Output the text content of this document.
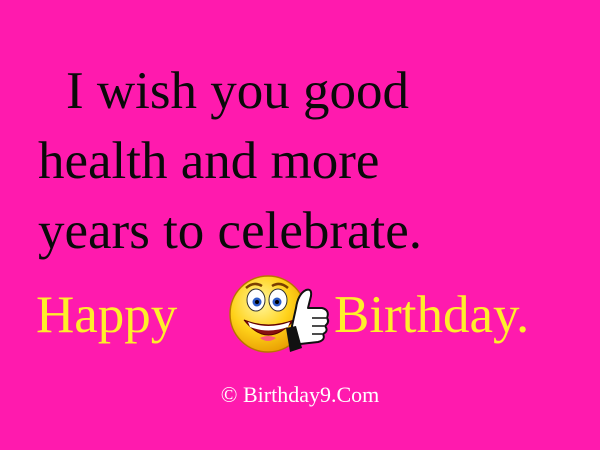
I wish you good
health and more
years to celebrate.
Happy	Birthday.
© Birthday9.Com
